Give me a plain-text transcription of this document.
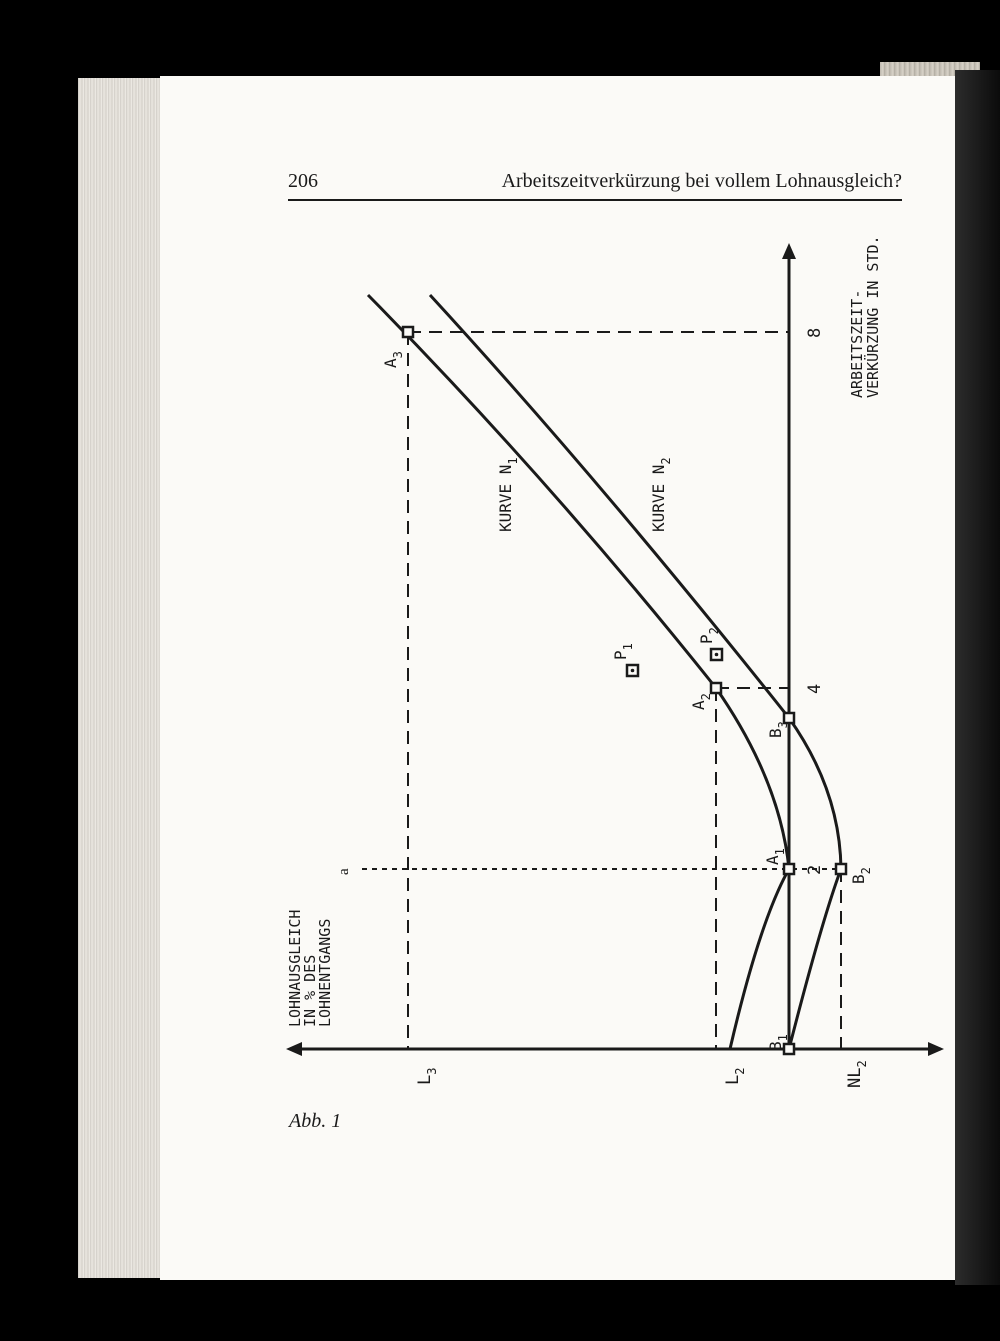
206	Arbeitszeitverkürzung bei vollem Lohnausgleich?
LOHNAUSGLEICH IN % DES LOHNENTGANGS
ARBEITSZEIT- VERKÜRZUNG IN STD.
2
4
8
$L_3$
$L_2$	$NL_2$
a
KURVE $N_1$
KURVE $N_2$
$A_3$
$A_2$
$A_1$
$B_1$
$B_2$
$B_3$
$P_1$
$P_2$
Abb. 1
